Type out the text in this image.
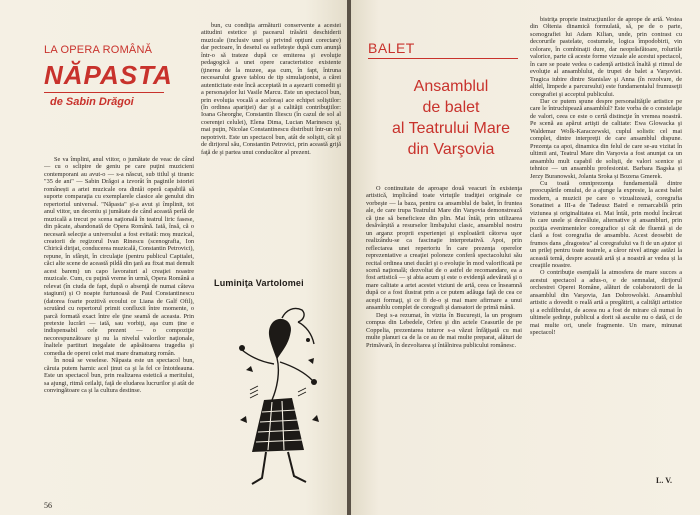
LA OPERA ROMÂNĂ
NĂPASTA
de Sabin Drăgoi

Se va împlini, anul viitor, o jumătate de veac de când — cu o sclipire de geniu pe care puţini muzicieni contemporani au avut-o — s-a născut, sub titlul şi tiranic "35 de ani" — Sabin Drăgoi a izvorât în paginile istoriei românești a artei muzicale ora dintâi operă capabilă să suporte comparaţia cu exemplarele clasice ale genului din repertoriul universal. "Năpasta" şi-a avut şi împlinit, tot anul viitor, un deceniu şi jumătate de când această perlă de muzicală a trecut pe scena naţională în teatrul liric fasese, din păcate, abandonată de Opera Română. Iată, însă, că o necesară selecţie a universului a fost evitată: moş muzical, creatorii de regizorul Ivan Rinescu (scenografia, Ion Chirică dirijat, conducerea muzicală, Constantin Petrovici), repune, în sfârşit, în circulaţie (pentru publicul Capitalei, căci alte scene de această pildă din ţară au fixat mai demult acest barem) un capo lavoraturi al creaţiei noastre muzicale. Cum, cu puţină vreme în urmă, Opera Română a relevat (în ciuda de fapt, după o absenţă de numai câteva stagiuni) și O noapte furtunoasă de Paul Constantinescu (datorea foarte pozitivă ecoului ce Liana de Galf Ofil), scrutând cu repertorul primit confluxii între momente, o parcă formată exact între ele ţine seamă de aceasta. Prin pretexte lucrări — iată, sau vorbiţi, aşa cum ține e indispensabil cele prezent — o compoziţie necorespunzătoare şi nu la nivelul valorilor naţionale, înaltele partituri inegalate de apăsătoarea tragedia şi comedia de operei celei mai mare dramaturg român.

În nouă se veselese. Năpasta este un spectacol bun, căruia putem harnic acel ținut ca şi la fel ce întotdeauna. Este un spectacol bun, prin realizarea estetică a meritului, sa ajungi, ritmă ceilalţi, faţă de eludarea lucrurilor şi atât de convingătoare ca şi la cultura destinse.

bun, cu condiţia armăturii conservente a acestei atitudini estetice şi pacearul trăsării deschiderii muzicale (inclusiv unei şi privind opţiuni corectare) dar pectoare, în desetul ea sufleteşte după cum anunţă într-o să trateze după ce emiterea şi evoluţie pedagogică a unei opere caracteristice existente (ţinerea de la muzee, aşa cum, în fapt, întruna necesarului grave tablou de tip simulaţionist, a cărei autenticitate este încă acceptată in a aşezarii comedii şi a personajelor lui Vasile Marcu. Este un spectacol bun, prin evoluţia vocală a acelorași ace echipei soliştilor: (în ordinea apariţiei) dar şi a calităţii contribuţiilor: Ioana Gheorghe, Constantin Iliescu (în cazul de sol al coerenţei celulei), Elena Dima, Lucian Marinescu şi, mai puţin, Nicolae Constantinescu distribuit într-un rol nepotrivit. Este un spectacol bun, atât de soliştii, cât şi de dirijorul său, Constantin Petrovici, prin această grijă faţă de şi partea unui conducător al prezent.

Luminiţa Vartolomei
56
BALET
Ansamblul
de balet
al Teatrului Mare
din Varşovia

O continuitate de aproape două veacuri în existenţa artistică, implicând toate virtuţile tradiţiei originale ce vorbeşte — la baza, pentru ca ansamblul de balet, în fruntea ale, de care trupa Teatrului Mare din Varşovia demonstrează că ţine să beneficieze din plin. Mai întâi, prin utilizarea desăvârşită a resurselor limbajului clasic, ansamblul nostru un arganz proprii experienţei şi exploatării câtorva uşor realizându-se ca fascinaţie interpretativă. Apoi, prin reflectarea unei repertoriu în care prezenţa operelor reprezentative a creaţiei poloneze conferă spectacolului său recital ordinea unei ducări şi o evoluţie în mod valorificată pe scenă naţională; dezvoltat de o astfel de recomandare, ea a fost artistică — şi abia acum şi este o evidenţă adevărată şi o mare calitate a artei acestei viziuni de artă, ceea ce înseamnă după ce a fost ilustrat prin a ce putem adăuga faţă de cea ce aceşti formaţi, şi ce fi de-o şi mai mare afirmare a unui ansamblu complet de coregrafi şi dansatori de primă mână.

Deşi s-a rezumat, în vizita în Bucureşti, la un program compus din Lebedele, Orfeu şi din actele Ceasurile de pe Coppelia, prezentarea tuturor s-a văzut înfăţişată cu mai multe planuri ca de la ce au de mai multe preparat, alături de Primăvară, în dezvoltarea şi întâlnirea publicului românesc.

bistriţa proprie instrucţiunilor de aprope de artă. Vestea din Oltenia dinamică formulată, să, pe de o parte, scenografiei lui Adam Kilian, unde, prin contrast cu decorurile pastelate, costumele, logica împodobirii, vin colorare, în combinaţii dure, dar neoprăsfătoare, roluriile valorice, parte că aceste forme vizuale ale acestui spectacol, în care se poate vedea o cadenţă artistică înaltă şi ritmul de evoluţie al ansamblului, de trupei de balet a Varşoviei. Tragica iubire dintre Stanislav şi Anna (în rezolvare, de altfel, limpede a parcursului) este fundamentalul frumuseţii coregrafiei şi acceptul publicului.

Dar ce putem spune despre personalităţile artistice pe care le întruchipează ansamblul? Este vorba de o constelaţie de valori, ceea ce este o certă distincţie în vremea noastră. Pe scenă au apărut artişti de calitate: Ewa Glowacka şi Waldemar Wolk-Karaczewski, cuplul solistic cel mai complet, dintre interpreţii de care ansamblul dispune. Prezenţa ca apoi, dinamica din felul de care se-au vizitat în ultimii ani, Teatrul Mare din Varşovia a fost anunţat ca un ansamblu mult capabil de soliști, de valori scenice și tehnice — un ansamblu profesionist. Barbara Bagska și Jerzy Buranowski, Jolanta Sroka și Bozena Gmerek.

Cu toată omniprezenţa fundamentală dintre preocupările omului, de a ajunge la expresie, la acest balet modern, a muzicii pe care o vizualizează, coregrafia Sonatinei a III-a de Tadeusz Baird e remarcabilă prin viziunea și originalitatea ei. Mai întâi, prin modul încărcat în care unele și dezvăluie, alternative și ansambluri, prin poziţia evenimentelor coregrafice și cât de fluentă și de clară a fost coregrafia de ansamblu. Acest deosebit de frumos dans „dragostea" al coregrafului va fi de un ajutor și un prilej pentru toate teatrele, a căror nivel atinge astăzi la această temă, despre această artă și a noastră ar vedea și la creaţiile noastre.

O contribuţie esenţială la atmosfera de mare succes a acestui spectacol a adus-o, e de semnalat, dirijorul orchestrei Operei Române, alături de colaboratorii de la ansamblul din Varşovia, Jan Dobrowolski. Ansamblul artistic a dovedit o reală artă a pregătirii, a calităţii artistice și a echilibrului, de aceea nu a fost de mirare că numai în ultimele şedinţe, publicul a dorit să asculte nu o dată, ci de mai multe ori, unele fragmente. Un mare, minunat spectacol!

L. V.
